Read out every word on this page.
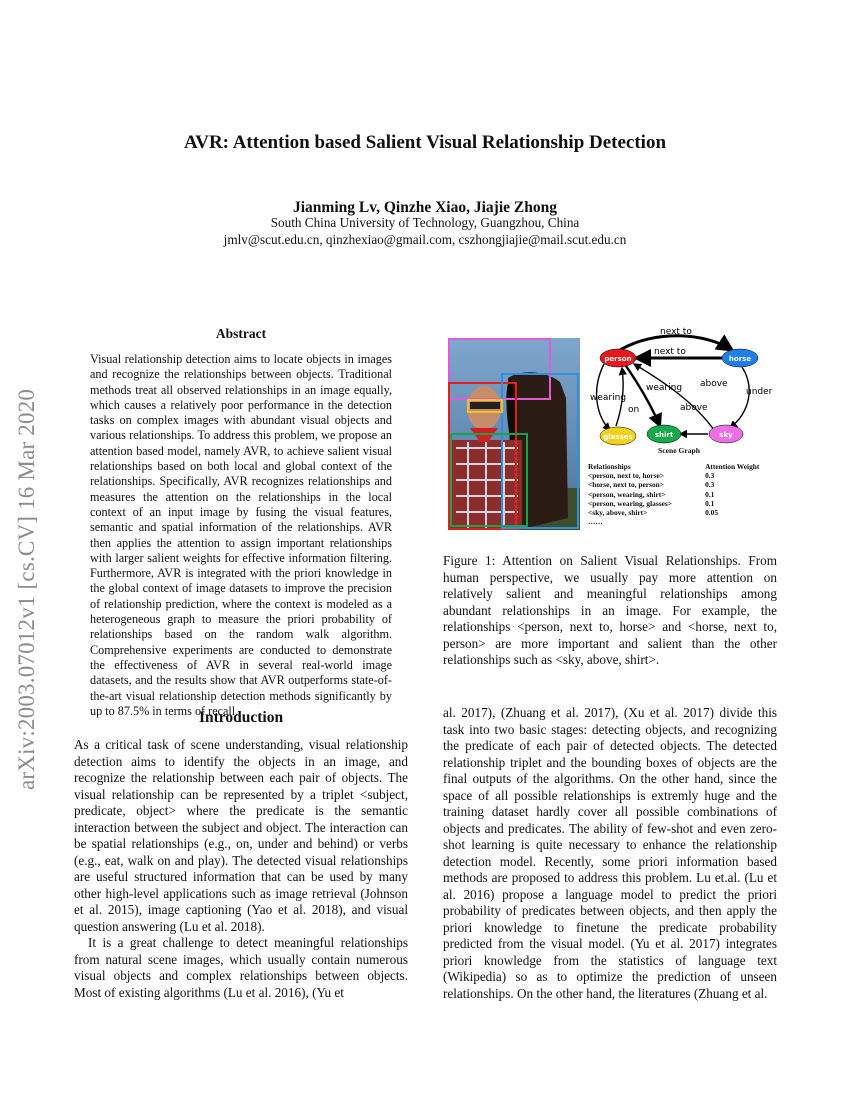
arXiv:2003.07012v1 [cs.CV] 16 Mar 2020
AVR: Attention based Salient Visual Relationship Detection
Jianming Lv, Qinzhe Xiao, Jiajie Zhong
South China University of Technology, Guangzhou, China
jmlv@scut.edu.cn, qinzhexiao@gmail.com, cszhongjiajie@mail.scut.edu.cn
Abstract

Visual relationship detection aims to locate objects in images and recognize the relationships between objects. Traditional methods treat all observed relationships in an image equally, which causes a relatively poor performance in the detection tasks on complex images with abundant visual objects and various relationships. To address this problem, we propose an attention based model, namely AVR, to achieve salient visual relationships based on both local and global context of the relationships. Specifically, AVR recognizes relationships and measures the attention on the relationships in the local context of an input image by fusing the visual features, semantic and spatial information of the relationships. AVR then applies the attention to assign important relationships with larger salient weights for effective information filtering. Furthermore, AVR is integrated with the priori knowledge in the global context of image datasets to improve the precision of relationship prediction, where the context is modeled as a heterogeneous graph to measure the priori probability of relationships based on the random walk algorithm. Comprehensive experiments are conducted to demonstrate the effectiveness of AVR in several real-world image datasets, and the results show that AVR outperforms state-of-the-art visual relationship detection methods significantly by up to 87.5% in terms of recall.

Introduction

As a critical task of scene understanding, visual relationship detection aims to identify the objects in an image, and recognize the relationship between each pair of objects. The visual relationship can be represented by a triplet <subject, predicate, object> where the predicate is the semantic interaction between the subject and object. The interaction can be spatial relationships (e.g., on, under and behind) or verbs (e.g., eat, walk on and play). The detected visual relationships are useful structured information that can be used by many other high-level applications such as image retrieval (Johnson et al. 2015), image captioning (Yao et al. 2018), and visual question answering (Lu et al. 2018).

It is a great challenge to detect meaningful relationships from natural scene images, which usually contain numerous visual objects and complex relationships between objects. Most of existing algorithms (Lu et al. 2016), (Yu et

al. 2017), (Zhuang et al. 2017), (Xu et al. 2017) divide this task into two basic stages: detecting objects, and recognizing the predicate of each pair of detected objects. The detected relationship triplet and the bounding boxes of objects are the final outputs of the algorithms. On the other hand, since the space of all possible relationships is extremly huge and the training dataset hardly cover all possible combinations of objects and predicates. The ability of few-shot and even zero-shot learning is quite necessary to enhance the relationship detection model. Recently, some priori information based methods are proposed to address this problem. Lu et.al. (Lu et al. 2016) propose a language model to predict the priori probability of predicates between objects, and then apply the priori knowledge to finetune the predicate probability predicted from the visual model. (Yu et al. 2017) integrates priori knowledge from the statistics of language text (Wikipedia) so as to optimize the prediction of unseen relationships. On the other hand, the literatures (Zhuang et al.

next to
next to
wearing
on
wearing above
above
under
person	horse
glasses	shirt	sky
Scene Graph
Relationships	Attention Weight
<person, next to, horse>	0.3
<horse, next to, person>	0.3
<person, wearing, shirt>	0.1
<person, wearing, glasses>	0.1
<sky, above, shirt>	0.05
……	

Figure 1: Attention on Salient Visual Relationships. From human perspective, we usually pay more attention on relatively salient and meaningful relationships among abundant relationships in an image. For example, the relationships <person, next to, horse> and <horse, next to, person> are more important and salient than the other relationships such as <sky, above, shirt>.
